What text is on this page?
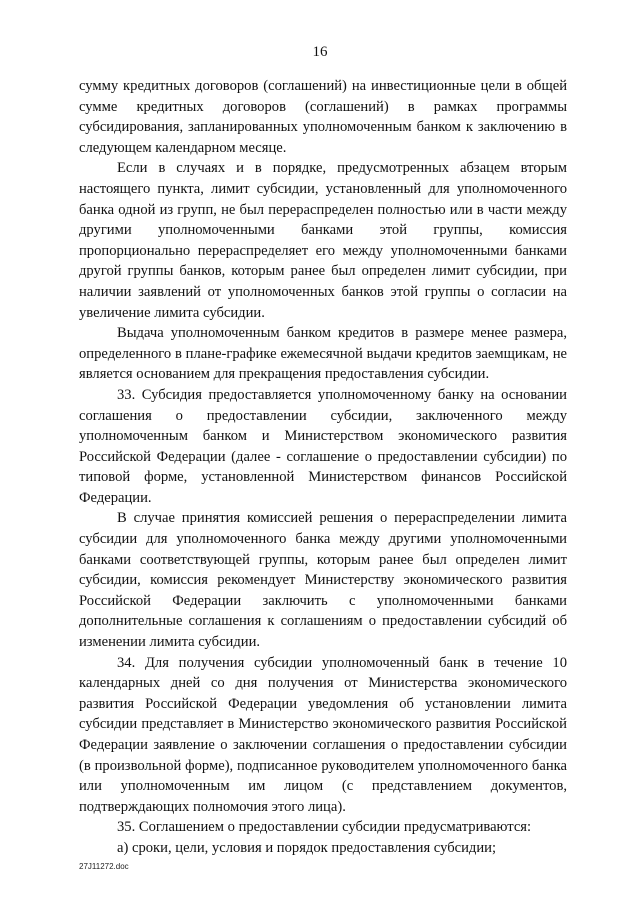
16

сумму кредитных договоров (соглашений) на инвестиционные цели в общей сумме кредитных договоров (соглашений) в рамках программы субсидирования, запланированных уполномоченным банком к заключению в следующем календарном месяце.

Если в случаях и в порядке, предусмотренных абзацем вторым настоящего пункта, лимит субсидии, установленный для уполномоченного банка одной из групп, не был перераспределен полностью или в части между другими уполномоченными банками этой группы, комиссия пропорционально перераспределяет его между уполномоченными банками другой группы банков, которым ранее был определен лимит субсидии, при наличии заявлений от уполномоченных банков этой группы о согласии на увеличение лимита субсидии.

Выдача уполномоченным банком кредитов в размере менее размера, определенного в плане-графике ежемесячной выдачи кредитов заемщикам, не является основанием для прекращения предоставления субсидии.

33. Субсидия предоставляется уполномоченному банку на основании соглашения о предоставлении субсидии, заключенного между уполномоченным банком и Министерством экономического развития Российской Федерации (далее - соглашение о предоставлении субсидии) по типовой форме, установленной Министерством финансов Российской Федерации.

В случае принятия комиссией решения о перераспределении лимита субсидии для уполномоченного банка между другими уполномоченными банками соответствующей группы, которым ранее был определен лимит субсидии, комиссия рекомендует Министерству экономического развития Российской Федерации заключить с уполномоченными банками дополнительные соглашения к соглашениям о предоставлении субсидий об изменении лимита субсидии.

34. Для получения субсидии уполномоченный банк в течение 10 календарных дней со дня получения от Министерства экономического развития Российской Федерации уведомления об установлении лимита субсидии представляет в Министерство экономического развития Российской Федерации заявление о заключении соглашения о предоставлении субсидии (в произвольной форме), подписанное руководителем уполномоченного банка или уполномоченным им лицом (с представлением документов, подтверждающих полномочия этого лица).

35. Соглашением о предоставлении субсидии предусматриваются:

а) сроки, цели, условия и порядок предоставления субсидии;

27J11272.doc
